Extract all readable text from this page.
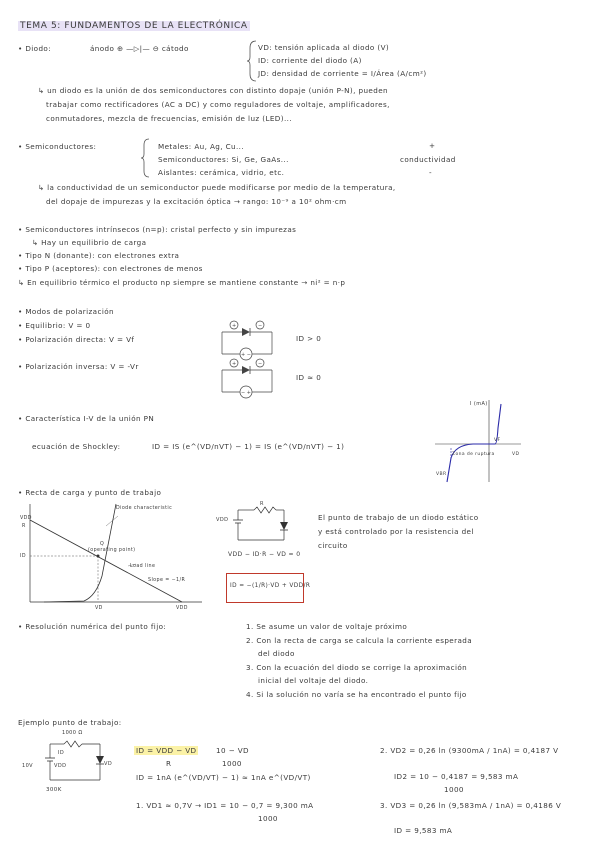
TEMA 5: FUNDAMENTOS DE LA ELECTRÓNICA
• Diodo:	ánodo ⊕ —▷|— ⊖ cátodo	VD: tensión aplicada al diodo (V)
ID: corriente del diodo (A)
JD: densidad de corriente = I/Área (A/cm²)
↳ un diodo es la unión de dos semiconductores con distinto dopaje (unión P-N), pueden
trabajar como rectificadores (AC a DC) y como reguladores de voltaje, amplificadores,
conmutadores, mezcla de frecuencias, emisión de luz (LED)...
• Semiconductores:	Metales: Au, Ag, Cu...
Semiconductores: Si, Ge, GaAs...
Aislantes: cerámica, vidrio, etc.
+
conductividad
-
↳ la conductividad de un semiconductor puede modificarse por medio de la temperatura,
del dopaje de impurezas y la excitación óptica → rango: 10⁻⁹ a 10² ohm·cm
• Semiconductores intrínsecos (n=p): cristal perfecto y sin impurezas
↳ Hay un equilibrio de carga
• Tipo N (donante): con electrones extra
• Tipo P (aceptores): con electrones de menos
↳ En equilibrio térmico el producto np siempre se mantiene constante → ni² = n·p
• Modos de polarización
• Equilibrio: V = 0
• Polarización directa: V = Vf
• Polarización inversa: V = -Vr
+	−
+ −
ID > 0
+	−
− +
ID ≈ 0
• Característica I-V de la unión PN
ecuación de Shockley:	ID = IS (e^(VD/nVT) − 1) = IS (e^(VD/nVT) − 1)
I (mA)
Zona de ruptura
VF
VD
VBR
• Recta de carga y punto de trabajo
Diode characteristic
Q
(operating point)
Load line
Slope = −1/R
VDD
R
ID
VD	VDD
R
VDD
VDD − ID·R − VD = 0
ID = −(1/R)·VD + VDD/R
El punto de trabajo de un diodo estático
y está controlado por la resistencia del
circuito
• Resolución numérica del punto fijo:	1. Se asume un valor de voltaje próximo
2. Con la recta de carga se calcula la corriente esperada
del diodo
3. Con la ecuación del diodo se corrige la aproximación
inicial del voltaje del diodo.
4. Si la solución no varía se ha encontrado el punto fijo
Ejemplo punto de trabajo:
1000 Ω
ID
VDD
10V	VD
300K
ID = VDD − VD
R
10 − VD
1000
ID = 1nA (e^(VD/VT) − 1) ≈ 1nA e^(VD/VT)
1. VD1 ≈ 0,7V → ID1 = 10 − 0,7 = 9,300 mA
1000
2. VD2 = 0,26 ln (9300mA / 1nA) = 0,4187 V
ID2 = 10 − 0,4187 = 9,583 mA
1000
3. VD3 = 0,26 ln (9,583mA / 1nA) = 0,4186 V
ID = 9,583 mA
